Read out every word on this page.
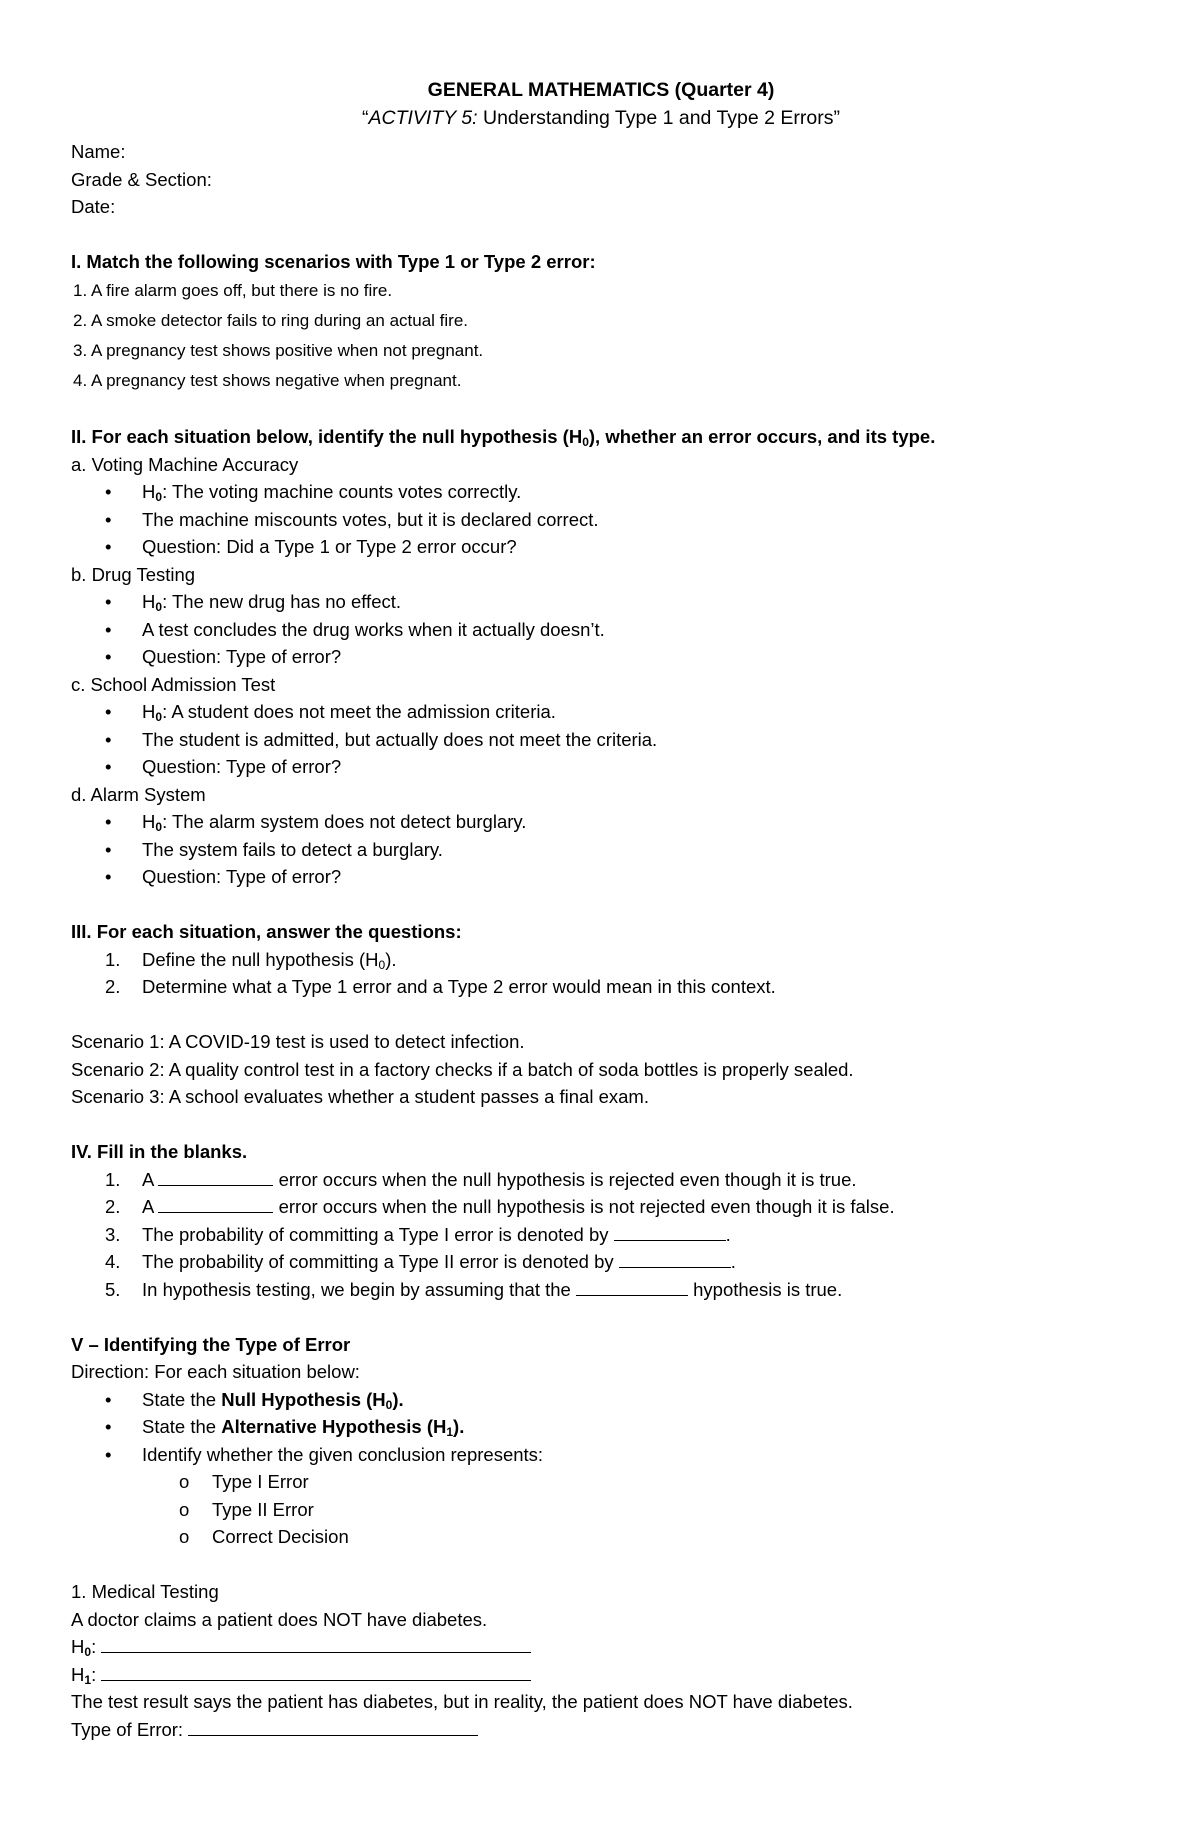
GENERAL MATHEMATICS (Quarter 4)
“ACTIVITY 5: Understanding Type 1 and Type 2 Errors”
Name:
Grade & Section:
Date:
I. Match the following scenarios with Type 1 or Type 2 error:
1. A fire alarm goes off, but there is no fire.
2. A smoke detector fails to ring during an actual fire.
3. A pregnancy test shows positive when not pregnant.
4. A pregnancy test shows negative when pregnant.
II. For each situation below, identify the null hypothesis $(H_0)$, whether an error occurs, and its type.
a. Voting Machine Accuracy
• $H_0$: The voting machine counts votes correctly.
• The machine miscounts votes, but it is declared correct.
• Question: Did a Type 1 or Type 2 error occur?
b. Drug Testing
• $H_0$: The new drug has no effect.
• A test concludes the drug works when it actually doesn’t.
• Question: Type of error?
c. School Admission Test
• $H_0$: A student does not meet the admission criteria.
• The student is admitted, but actually does not meet the criteria.
• Question: Type of error?
d. Alarm System
• $H_0$: The alarm system does not detect burglary.
• The system fails to detect a burglary.
• Question: Type of error?
III. For each situation, answer the questions:
1. Define the null hypothesis $(H_0)$.
2. Determine what a Type 1 error and a Type 2 error would mean in this context.
Scenario 1: A COVID-19 test is used to detect infection.
Scenario 2: A quality control test in a factory checks if a batch of soda bottles is properly sealed.
Scenario 3: A school evaluates whether a student passes a final exam.
IV. Fill in the blanks.
1. A	error occurs when the null hypothesis is rejected even though it is true.
2. A	error occurs when the null hypothesis is not rejected even though it is false.
3. The probability of committing a Type I error is denoted by	.
4. The probability of committing a Type II error is denoted by	.
5. In hypothesis testing, we begin by assuming that the	hypothesis is true.
V – Identifying the Type of Error
Direction: For each situation below:
• State the Null Hypothesis $(H_0)$.
• State the Alternative Hypothesis $(H_1)$.
• Identify whether the given conclusion represents:
o Type I Error
o Type II Error
o Correct Decision
1. Medical Testing
A doctor claims a patient does NOT have diabetes.
$H_0$:
$H_1$:
The test result says the patient has diabetes, but in reality, the patient does NOT have diabetes.
Type of Error:
